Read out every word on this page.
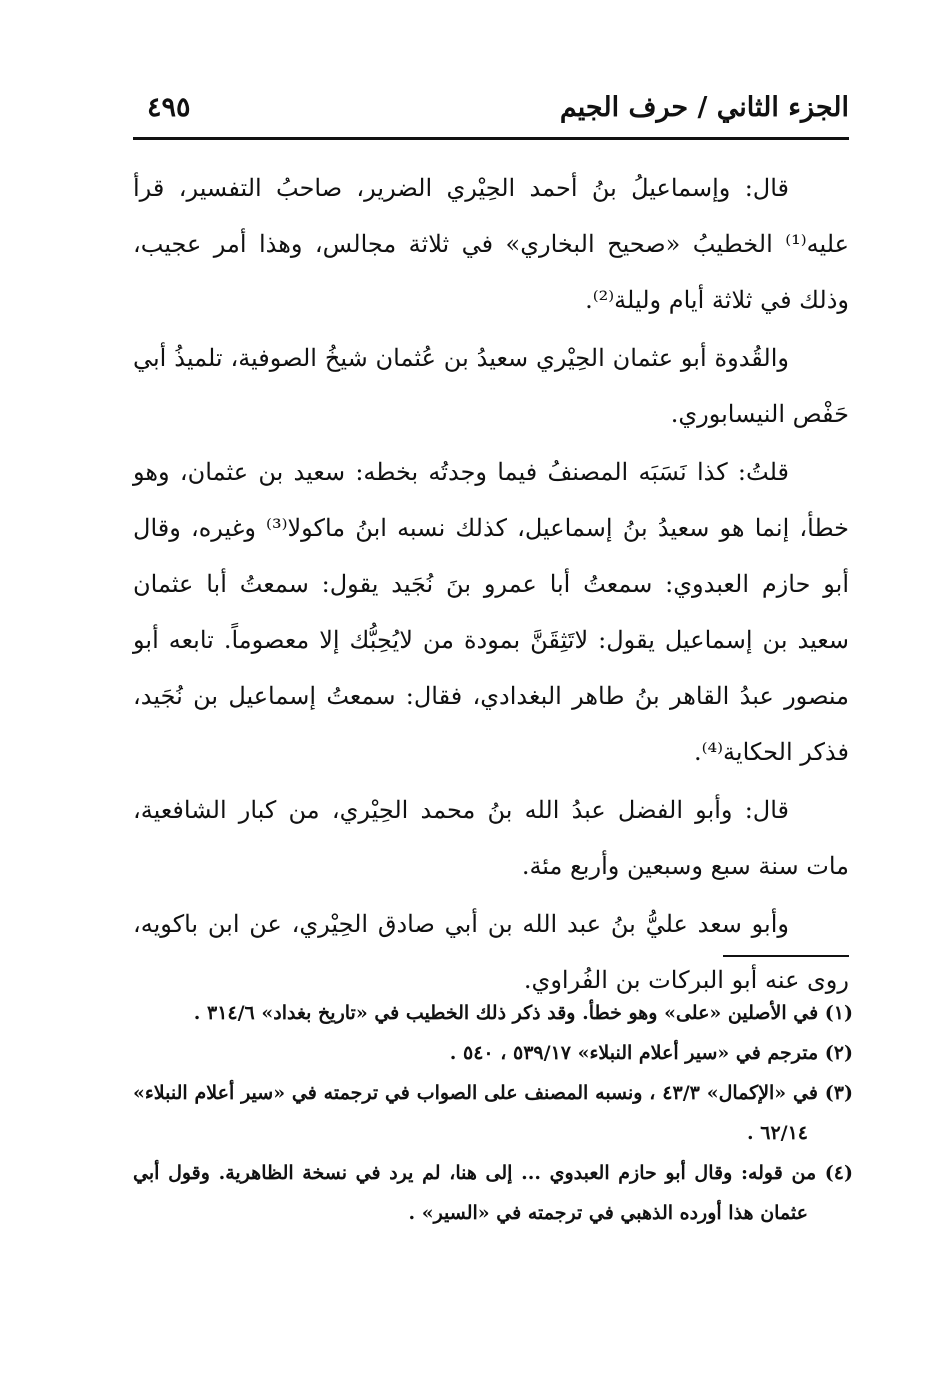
الجزء الثاني / حرف الجيم
٤٩٥

قال: وإسماعيلُ بنُ أحمد الحِيْري الضرير، صاحبُ التفسير، قرأ عليه⁽¹⁾ الخطيبُ «صحيح البخاري» في ثلاثة مجالس، وهذا أمر عجيب، وذلك في ثلاثة أيام وليلة⁽²⁾.

والقُدوة أبو عثمان الحِيْري سعيدُ بن عُثمان شيخُ الصوفية، تلميذُ أبي حَفْص النيسابوري.

قلتُ: كذا نَسَبَه المصنفُ فيما وجدتُه بخطه: سعيد بن عثمان، وهو خطأ، إنما هو سعيدُ بنُ إسماعيل، كذلك نسبه ابنُ ماكولا⁽³⁾ وغيره، وقال أبو حازم العبدوي: سمعتُ أبا عمرو بنَ نُجَيد يقول: سمعتُ أبا عثمان سعيد بن إسماعيل يقول: لاتَثِقَنَّ بمودة من لايُحِبُّك إلا معصوماً. تابعه أبو منصور عبدُ القاهر بنُ طاهر البغدادي، فقال: سمعتُ إسماعيل بن نُجَيد، فذكر الحكاية⁽⁴⁾.

قال: وأبو الفضل عبدُ الله بنُ محمد الحِيْري، من كبار الشافعية، مات سنة سبع وسبعين وأربع مئة.

وأبو سعد عليُّ بنُ عبد الله بن أبي صادق الحِيْري، عن ابن باكويه، روى عنه أبو البركات بن الفُراوي.

(١) في الأصلين «على» وهو خطأ. وقد ذكر ذلك الخطيب في «تاريخ بغداد» ٣١٤/٦ .

(٢) مترجم في «سير أعلام النبلاء» ٥٣٩/١٧ ، ٥٤٠ .

(٣) في «الإكمال» ٤٣/٣ ، ونسبه المصنف على الصواب في ترجمته في «سير أعلام النبلاء» ٦٢/١٤ .

(٤) من قوله: وقال أبو حازم العبدوي ... إلى هنا، لم يرد في نسخة الظاهرية. وقول أبي عثمان هذا أورده الذهبي في ترجمته في «السير» .
